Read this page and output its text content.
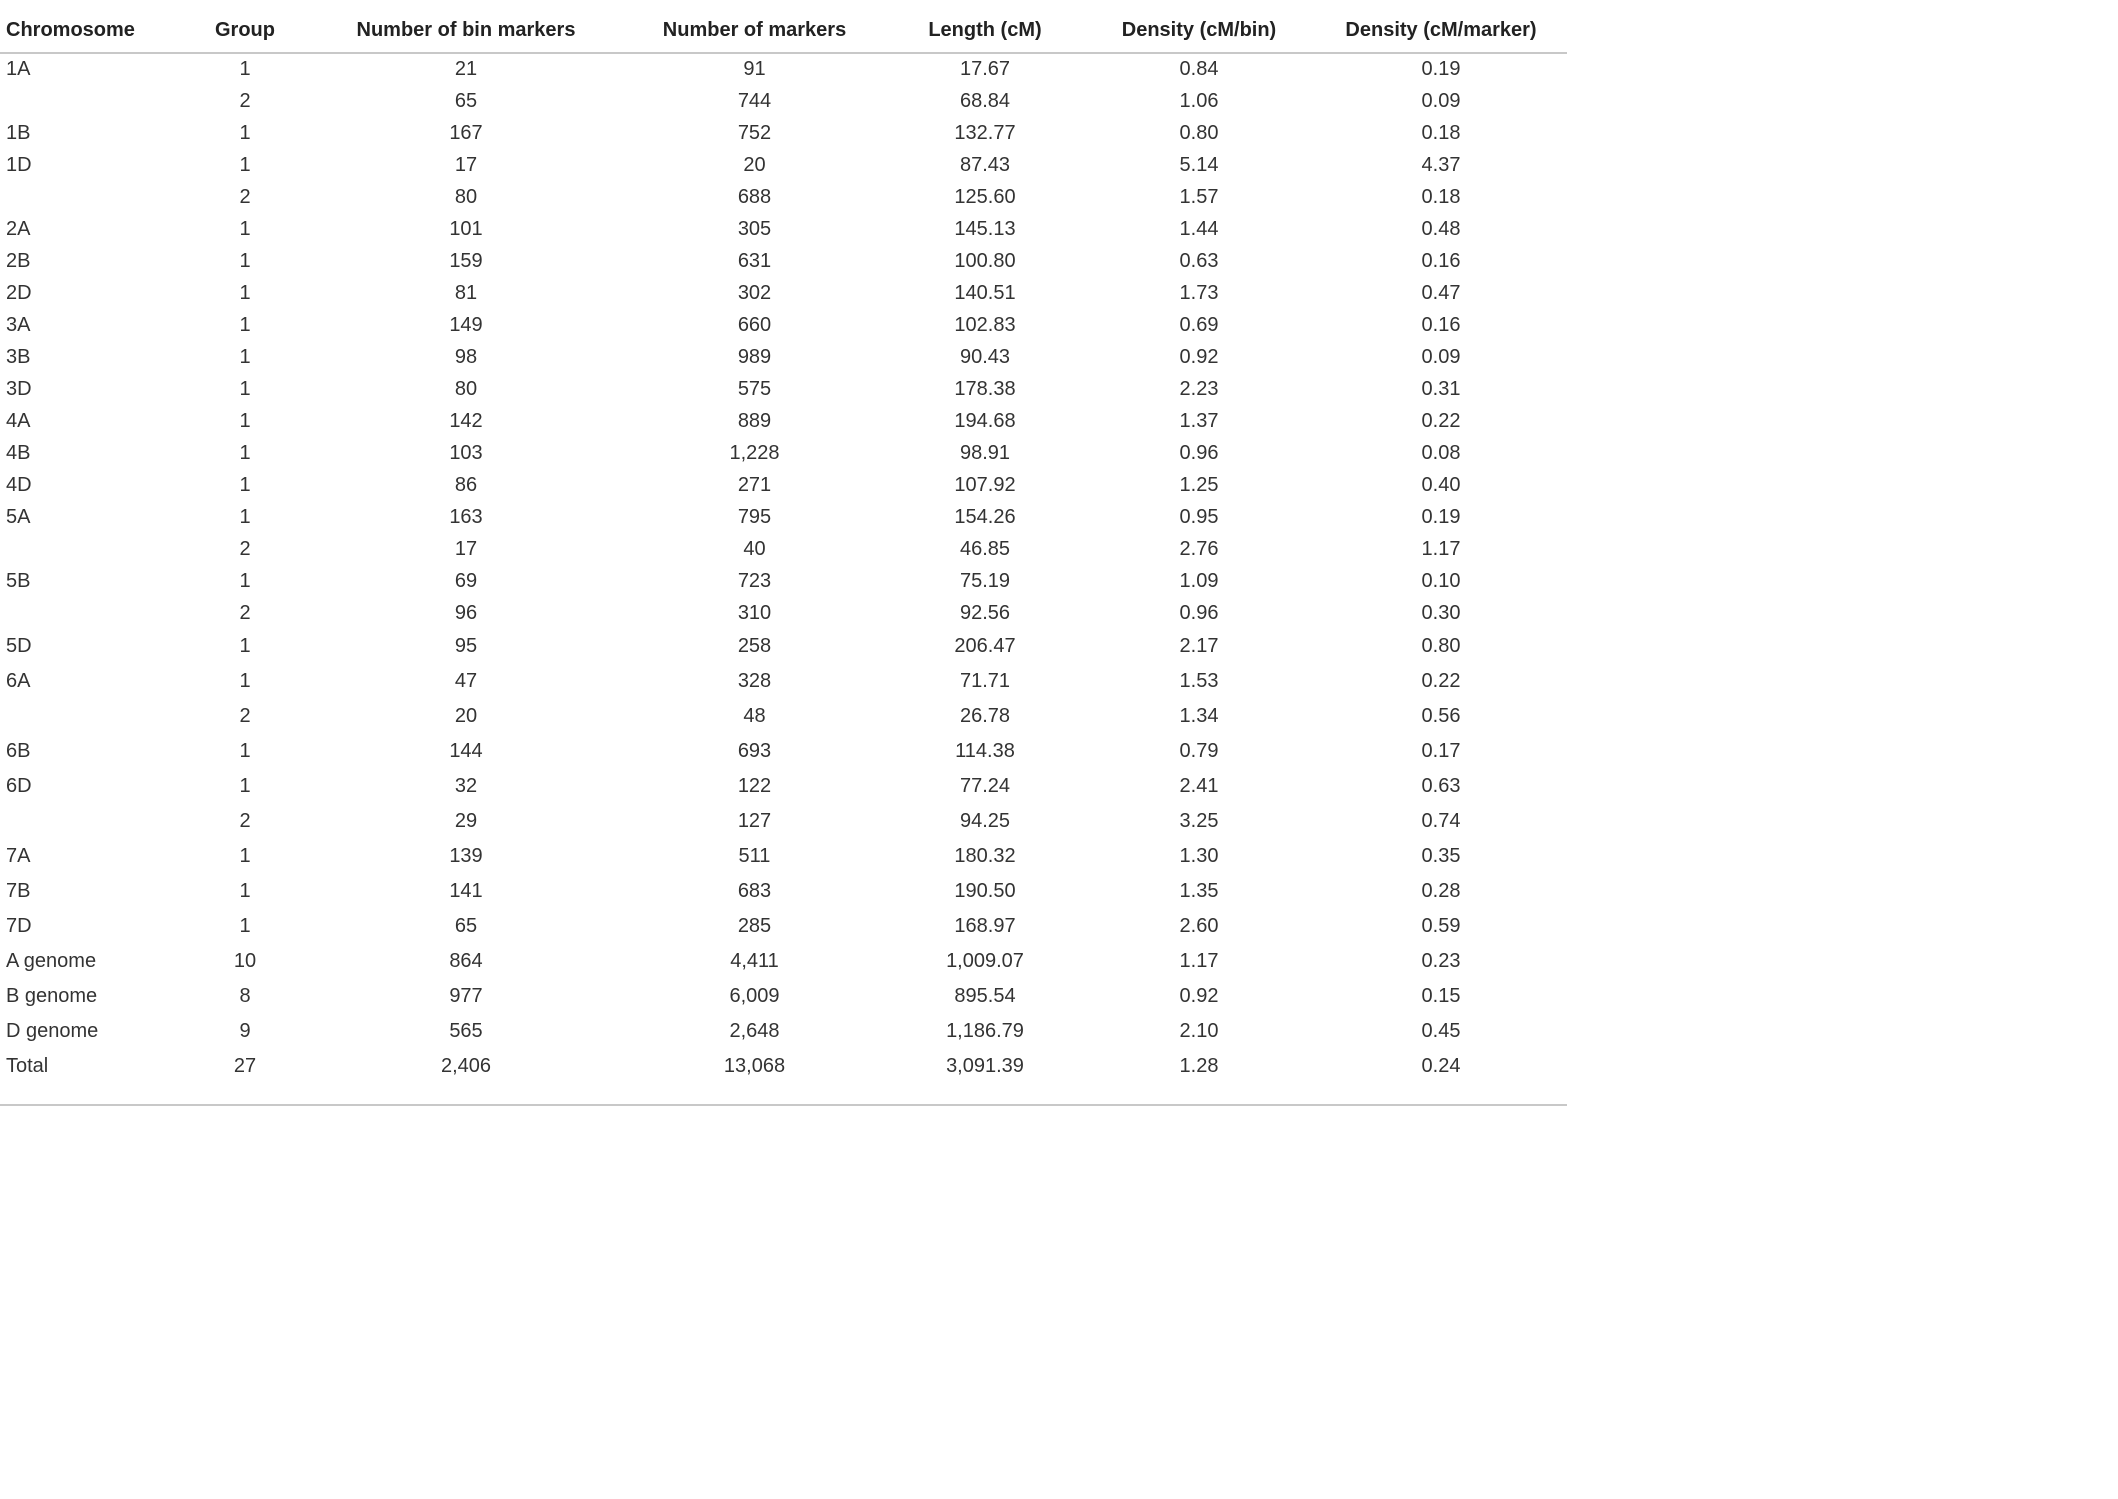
Chromosome	Group	Number of bin markers	Number of markers	Length (cM)	Density (cM/bin)	Density (cM/marker)
1A	1	21	91	17.67	0.84	0.19
	2	65	744	68.84	1.06	0.09
1B	1	167	752	132.77	0.80	0.18
1D	1	17	20	87.43	5.14	4.37
	2	80	688	125.60	1.57	0.18
2A	1	101	305	145.13	1.44	0.48
2B	1	159	631	100.80	0.63	0.16
2D	1	81	302	140.51	1.73	0.47
3A	1	149	660	102.83	0.69	0.16
3B	1	98	989	90.43	0.92	0.09
3D	1	80	575	178.38	2.23	0.31
4A	1	142	889	194.68	1.37	0.22
4B	1	103	1,228	98.91	0.96	0.08
4D	1	86	271	107.92	1.25	0.40
5A	1	163	795	154.26	0.95	0.19
	2	17	40	46.85	2.76	1.17
5B	1	69	723	75.19	1.09	0.10
	2	96	310	92.56	0.96	0.30
5D	1	95	258	206.47	2.17	0.80
6A	1	47	328	71.71	1.53	0.22
	2	20	48	26.78	1.34	0.56
6B	1	144	693	114.38	0.79	0.17
6D	1	32	122	77.24	2.41	0.63
	2	29	127	94.25	3.25	0.74
7A	1	139	511	180.32	1.30	0.35
7B	1	141	683	190.50	1.35	0.28
7D	1	65	285	168.97	2.60	0.59
A genome	10	864	4,411	1,009.07	1.17	0.23
B genome	8	977	6,009	895.54	0.92	0.15
D genome	9	565	2,648	1,186.79	2.10	0.45
Total	27	2,406	13,068	3,091.39	1.28	0.24
